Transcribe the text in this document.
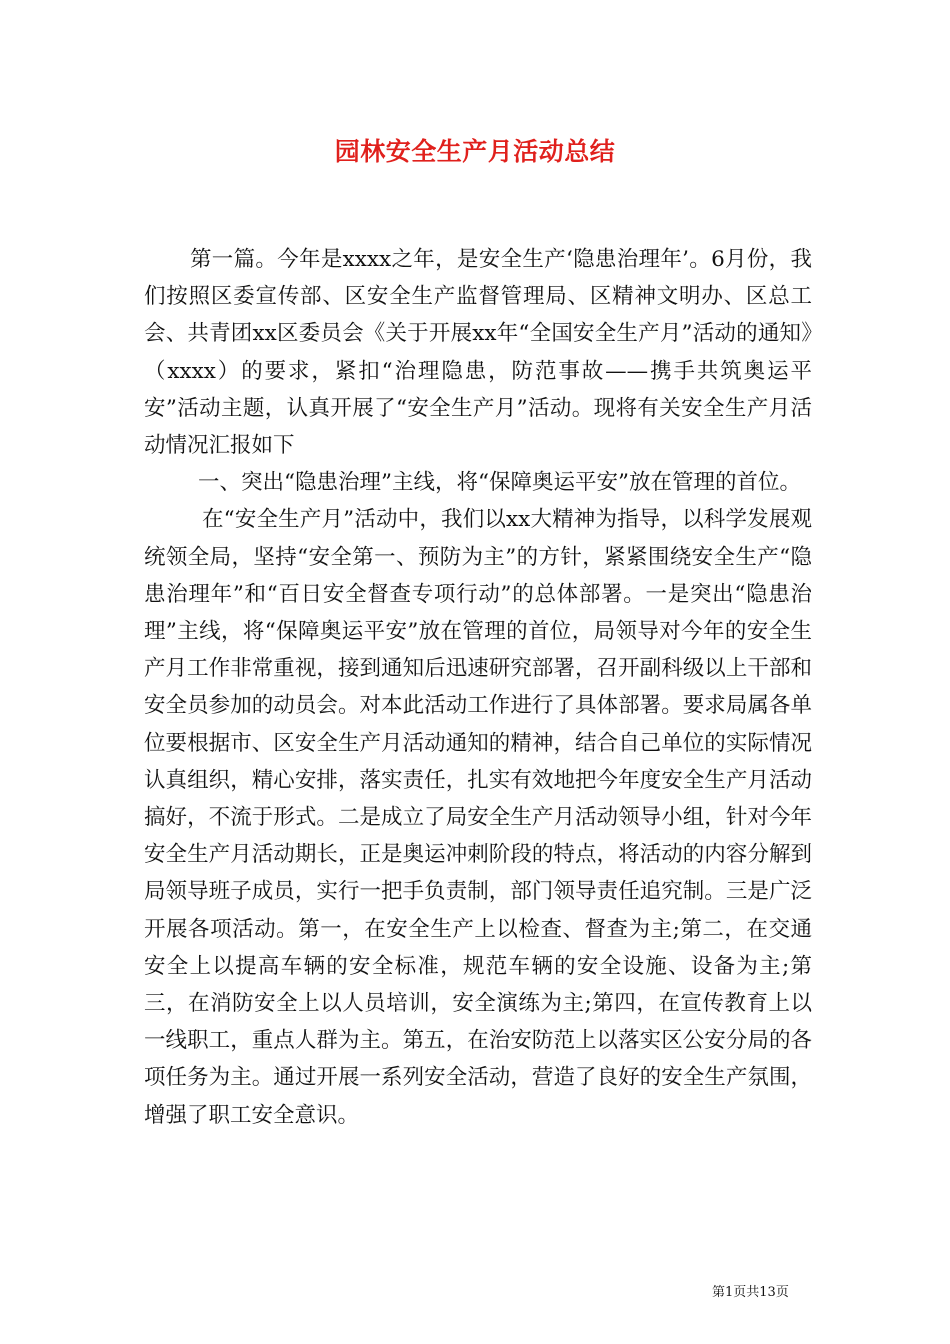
园林安全生产月活动总结

第一篇。今年是xxxx之年，是安全生产‘隐患治理年’。6月份，我们按照区委宣传部、区安全生产监督管理局、区精神文明办、区总工会、共青团xx区委员会《关于开展xx年“全国安全生产月”活动的通知》（xxxx）的要求，紧扣“治理隐患，防范事故——携手共筑奥运平安”活动主题，认真开展了“安全生产月”活动。现将有关安全生产月活动情况汇报如下

一、突出“隐患治理”主线，将“保障奥运平安”放在管理的首位。

在“安全生产月”活动中，我们以xx大精神为指导，以科学发展观统领全局，坚持“安全第一、预防为主”的方针，紧紧围绕安全生产“隐患治理年”和“百日安全督查专项行动”的总体部署。一是突出“隐患治理”主线，将“保障奥运平安”放在管理的首位，局领导对今年的安全生产月工作非常重视，接到通知后迅速研究部署，召开副科级以上干部和安全员参加的动员会。对本此活动工作进行了具体部署。要求局属各单位要根据市、区安全生产月活动通知的精神，结合自己单位的实际情况认真组织，精心安排，落实责任，扎实有效地把今年度安全生产月活动搞好，不流于形式。二是成立了局安全生产月活动领导小组，针对今年安全生产月活动期长，正是奥运冲刺阶段的特点，将活动的内容分解到局领导班子成员，实行一把手负责制，部门领导责任追究制。三是广泛开展各项活动。第一，在安全生产上以检查、督查为主;第二，在交通安全上以提高车辆的安全标准，规范车辆的安全设施、设备为主;第三，在消防安全上以人员培训，安全演练为主;第四，在宣传教育上以一线职工，重点人群为主。第五，在治安防范上以落实区公安分局的各项任务为主。通过开展一系列安全活动，营造了良好的安全生产氛围，增强了职工安全意识。

第1页共13页
